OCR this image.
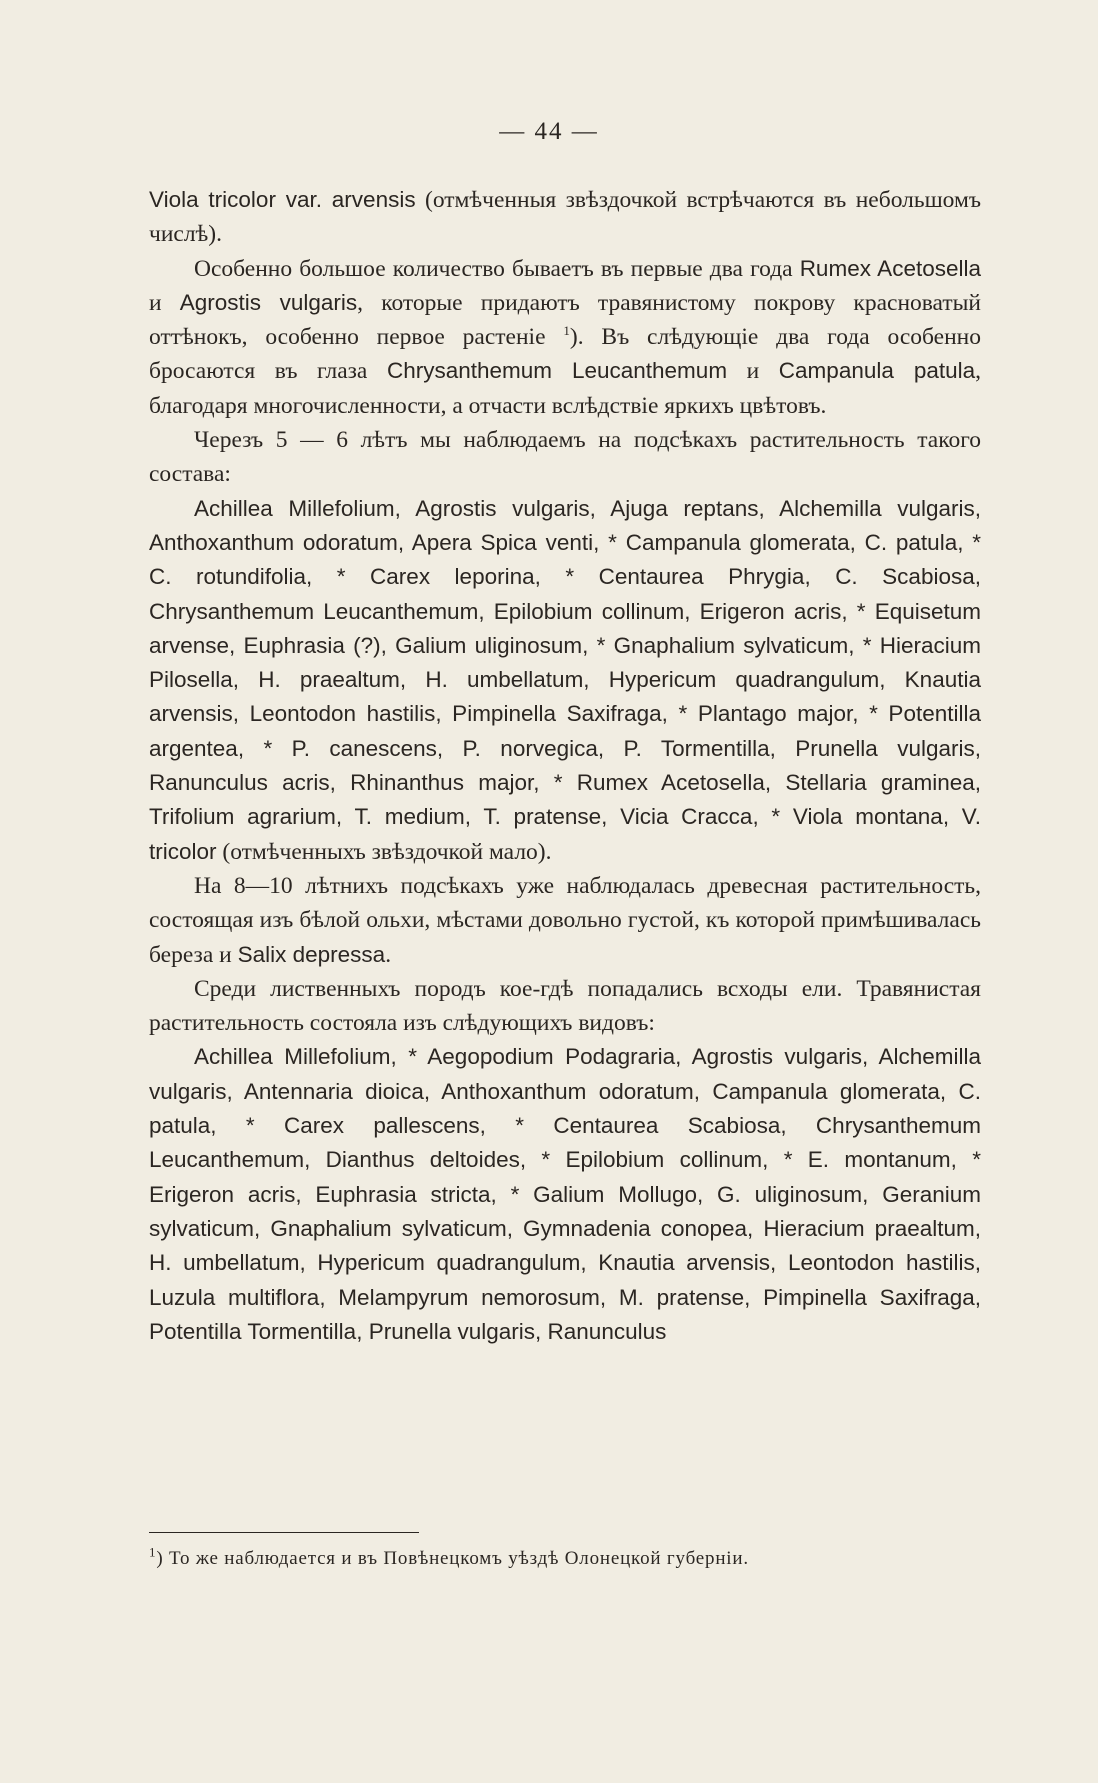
— 44 —

Viola tricolor var. arvensis (отмѣченныя звѣздочкой встрѣчаются въ небольшомъ числѣ).

Особенно большое количество бываетъ въ первые два года Rumex Acetosella и Agrostis vulgaris, которые придаютъ травянистому покрову красноватый оттѣнокъ, особенно первое растеніе $^1$). Въ слѣдующіе два года особенно бросаются въ глаза Chrysanthemum Leucanthemum и Campanula patula, благодаря многочисленности, а отчасти вслѣдствіе яркихъ цвѣтовъ.

Черезъ 5 — 6 лѣтъ мы наблюдаемъ на подсѣкахъ растительность такого состава:

Achillea Millefolium, Agrostis vulgaris, Ajuga reptans, Alchemilla vulgaris, Anthoxanthum odoratum, Apera Spica venti, * Campanula glomerata, C. patula, * C. rotundifolia, * Carex leporina, * Centaurea Phrygia, C. Scabiosa, Chrysanthemum Leucanthemum, Epilobium collinum, Erigeron acris, * Equisetum arvense, Euphrasia (?), Galium uliginosum, * Gnaphalium sylvaticum, * Hieracium Pilosella, H. praealtum, H. umbellatum, Hypericum quadrangulum, Knautia arvensis, Leontodon hastilis, Pimpinella Saxifraga, * Plantago major, * Potentilla argentea, * P. canescens, P. norvegica, P. Tormentilla, Prunella vulgaris, Ranunculus acris, Rhinanthus major, * Rumex Acetosella, Stellaria graminea, Trifolium agrarium, T. medium, T. pratense, Vicia Cracca, * Viola montana, V. tricolor (отмѣченныхъ звѣздочкой мало).

На 8—10 лѣтнихъ подсѣкахъ уже наблюдалась древесная растительность, состоящая изъ бѣлой ольхи, мѣстами довольно густой, къ которой примѣшивалась береза и Salix depressa.

Среди лиственныхъ породъ кое-гдѣ попадались всходы ели. Травянистая растительность состояла изъ слѣдующихъ видовъ:

Achillea Millefolium, * Aegopodium Podagraria, Agrostis vulgaris, Alchemilla vulgaris, Antennaria dioica, Anthoxanthum odoratum, Campanula glomerata, C. patula, * Carex pallescens, * Centaurea Scabiosa, Chrysanthemum Leucanthemum, Dianthus deltoides, * Epilobium collinum, * E. montanum, * Erigeron acris, Euphrasia stricta, * Galium Mollugo, G. uliginosum, Geranium sylvaticum, Gnaphalium sylvaticum, Gymnadenia conopea, Hieracium praealtum, H. umbellatum, Hypericum quadrangulum, Knautia arvensis, Leontodon hastilis, Luzula multiflora, Melampyrum nemorosum, M. pratense, Pimpinella Saxifraga, Potentilla Tormentilla, Prunella vulgaris, Ranunculus

$^1$) То же наблюдается и въ Повѣнецкомъ уѣздѣ Олонецкой губерніи.
